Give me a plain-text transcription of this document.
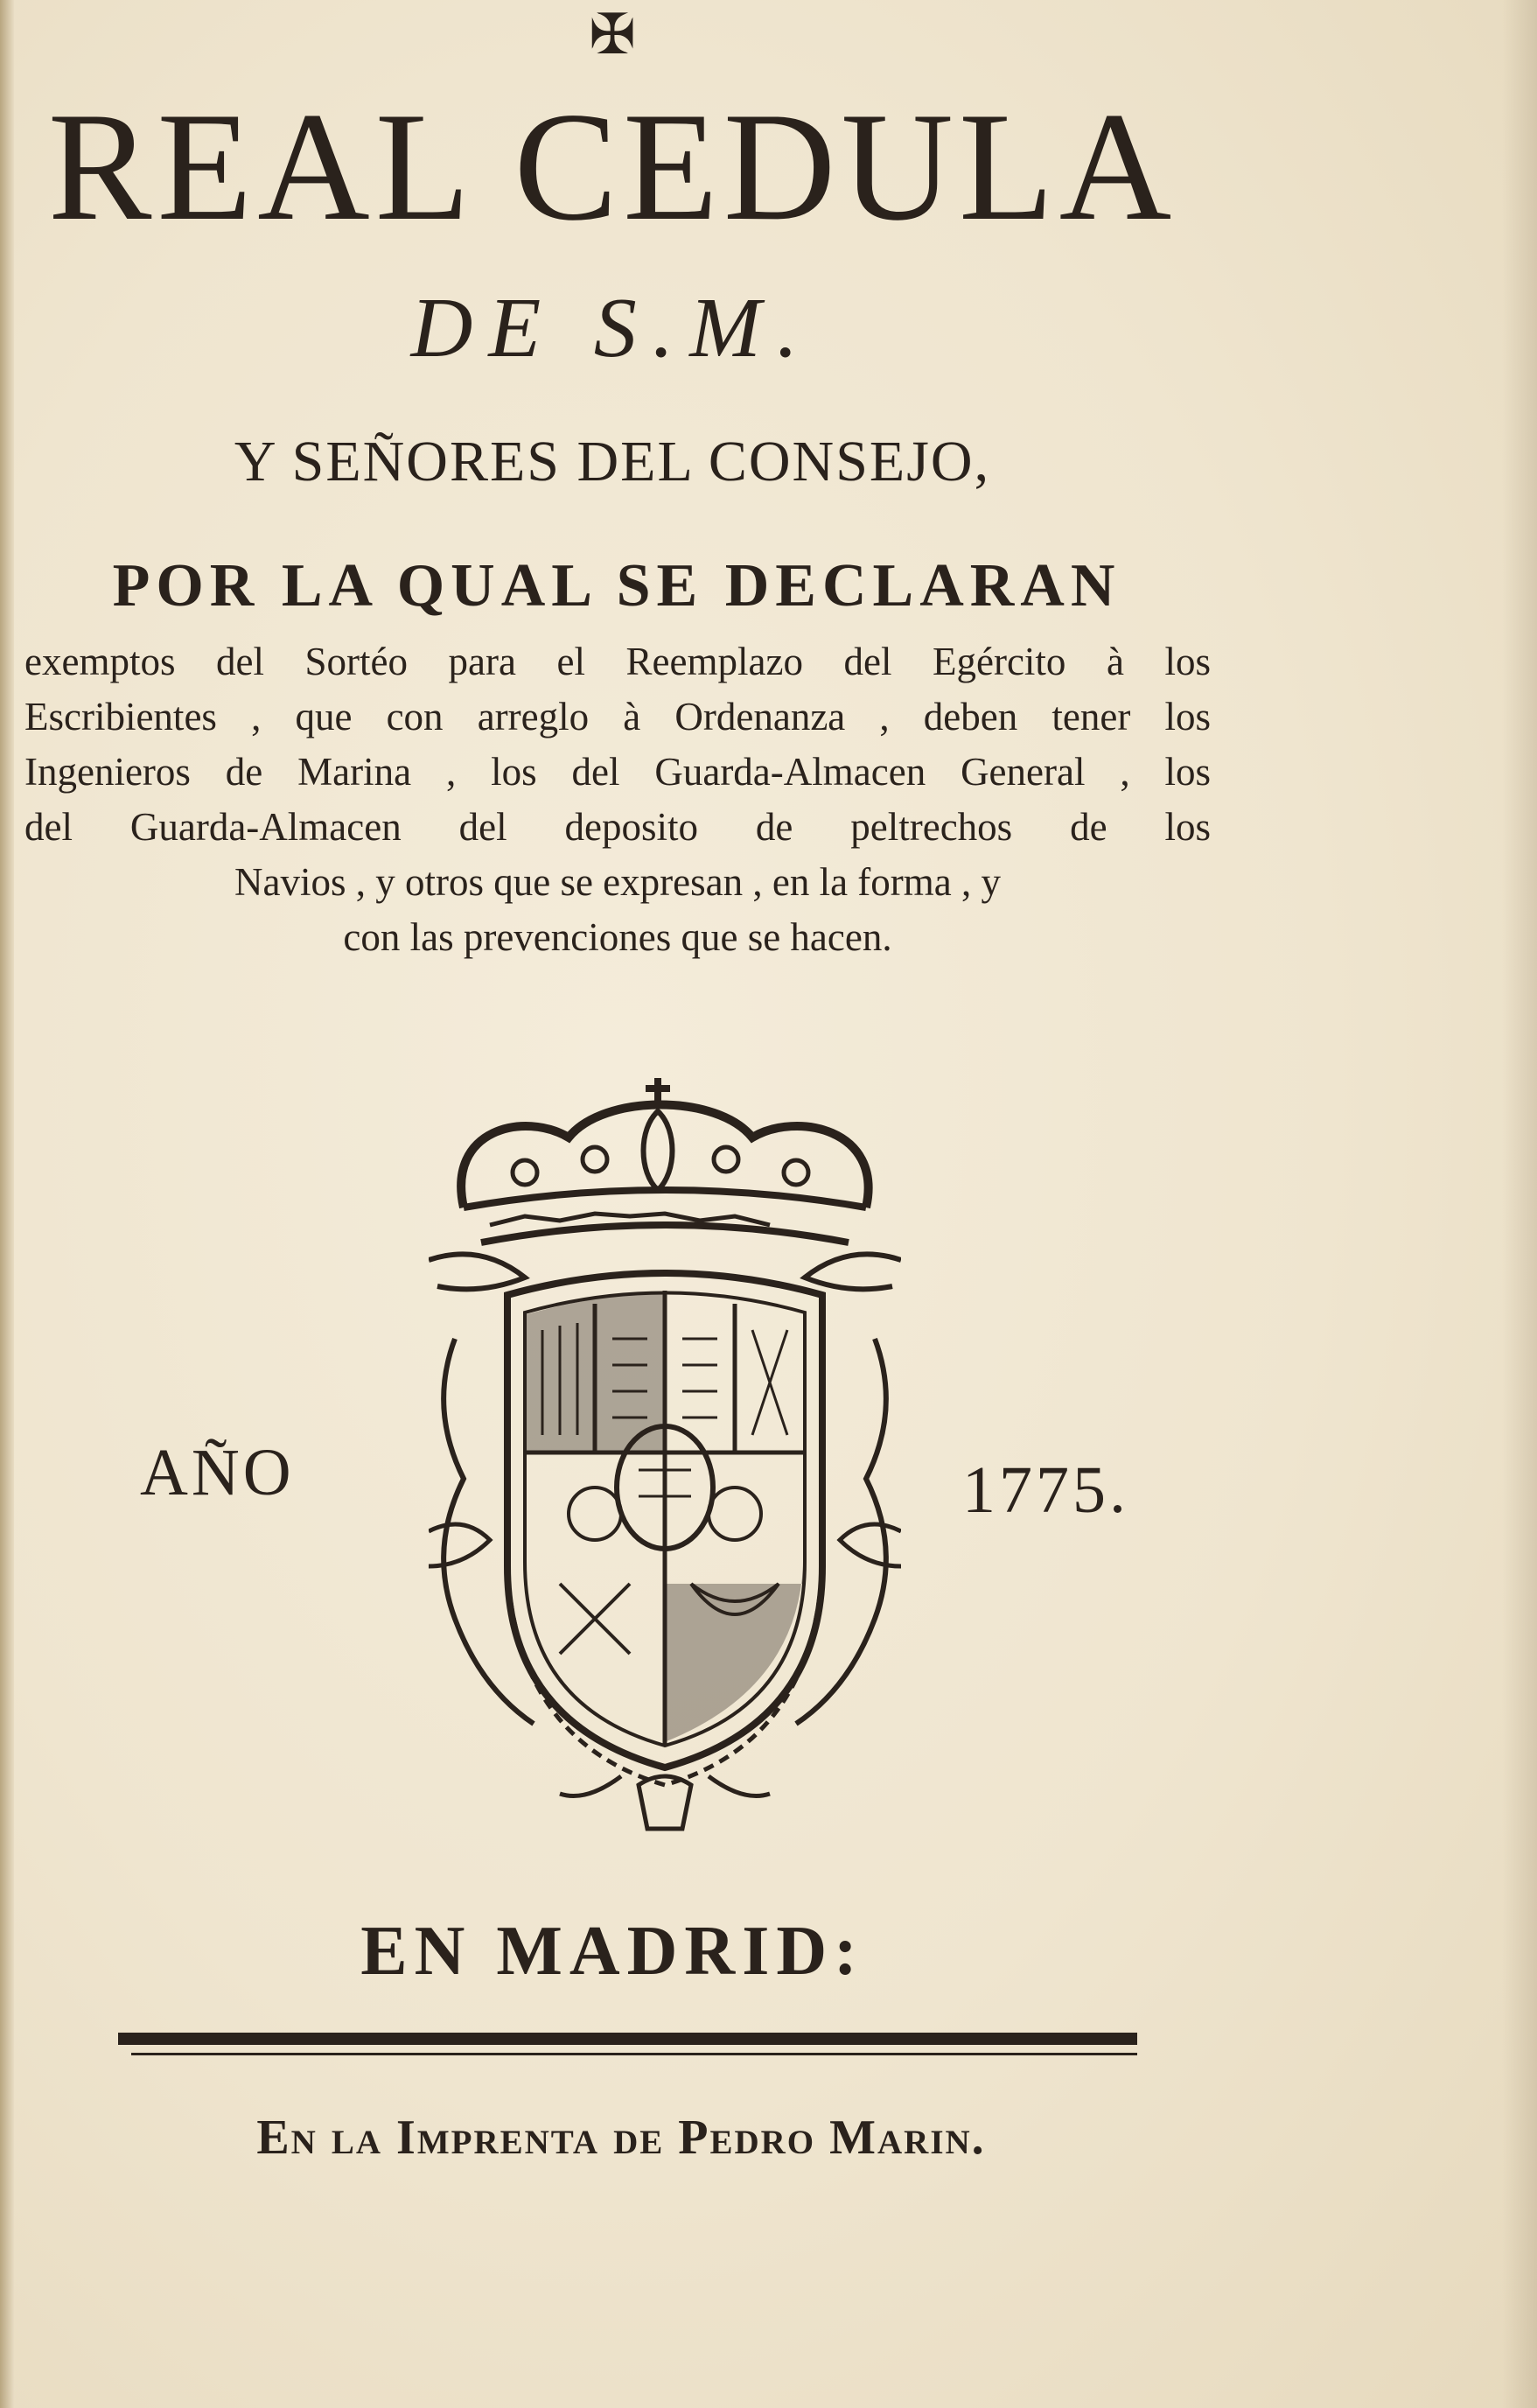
✠
REAL CEDULA
DE S.M.
Y SEÑORES DEL CONSEJO,
POR LA QUAL SE DECLARAN
exemptos del Sortéo para el Reemplazo del Egército à los
Escribientes , que con arreglo à Ordenanza , deben tener los
Ingenieros de Marina , los del Guarda-Almacen General , los
del Guarda-Almacen del deposito de peltrechos de los
Navios , y otros que se expresan , en la forma , y
con las prevenciones que se hacen.
AÑO	1775.
EN MADRID:
En la Imprenta de Pedro Marin.
